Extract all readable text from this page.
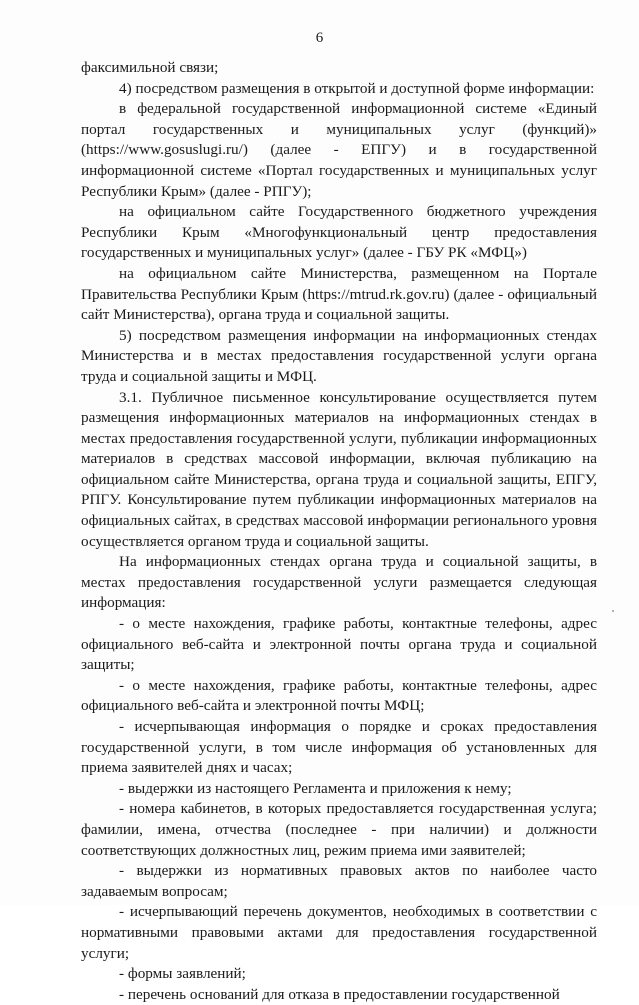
6

факсимильной связи;

4) посредством размещения в открытой и доступной форме информации:

в федеральной государственной информационной системе «Единый портал государственных и муниципальных услуг (функций)» (https://www.gosuslugi.ru/) (далее - ЕПГУ) и в государственной информационной системе «Портал государственных и муниципальных услуг Республики Крым» (далее - РПГУ);

на официальном сайте Государственного бюджетного учреждения Республики Крым «Многофункциональный центр предоставления государственных и муниципальных услуг» (далее - ГБУ РК «МФЦ»)

на официальном сайте Министерства, размещенном на Портале Правительства Республики Крым (https://mtrud.rk.gov.ru) (далее - официальный сайт Министерства), органа труда и социальной защиты.

5) посредством размещения информации на информационных стендах Министерства и в местах предоставления государственной услуги органа труда и социальной защиты и МФЦ.

3.1. Публичное письменное консультирование осуществляется путем размещения информационных материалов на информационных стендах в местах предоставления государственной услуги, публикации информационных материалов в средствах массовой информации, включая публикацию на официальном сайте Министерства, органа труда и социальной защиты, ЕПГУ, РПГУ. Консультирование путем публикации информационных материалов на официальных сайтах, в средствах массовой информации регионального уровня осуществляется органом труда и социальной защиты.

На информационных стендах органа труда и социальной защиты, в местах предоставления государственной услуги размещается следующая информация:

- о месте нахождения, графике работы, контактные телефоны, адрес официального веб-сайта и электронной почты органа труда и социальной защиты;

- о месте нахождения, графике работы, контактные телефоны, адрес официального веб-сайта и электронной почты МФЦ;

- исчерпывающая информация о порядке и сроках предоставления государственной услуги, в том числе информация об установленных для приема заявителей днях и часах;

- выдержки из настоящего Регламента и приложения к нему;

- номера кабинетов, в которых предоставляется государственная услуга; фамилии, имена, отчества (последнее - при наличии) и должности соответствующих должностных лиц, режим приема ими заявителей;

- выдержки из нормативных правовых актов по наиболее часто задаваемым вопросам;

- исчерпывающий перечень документов, необходимых в соответствии с нормативными правовыми актами для предоставления государственной услуги;

- формы заявлений;

- перечень оснований для отказа в предоставлении государственной
